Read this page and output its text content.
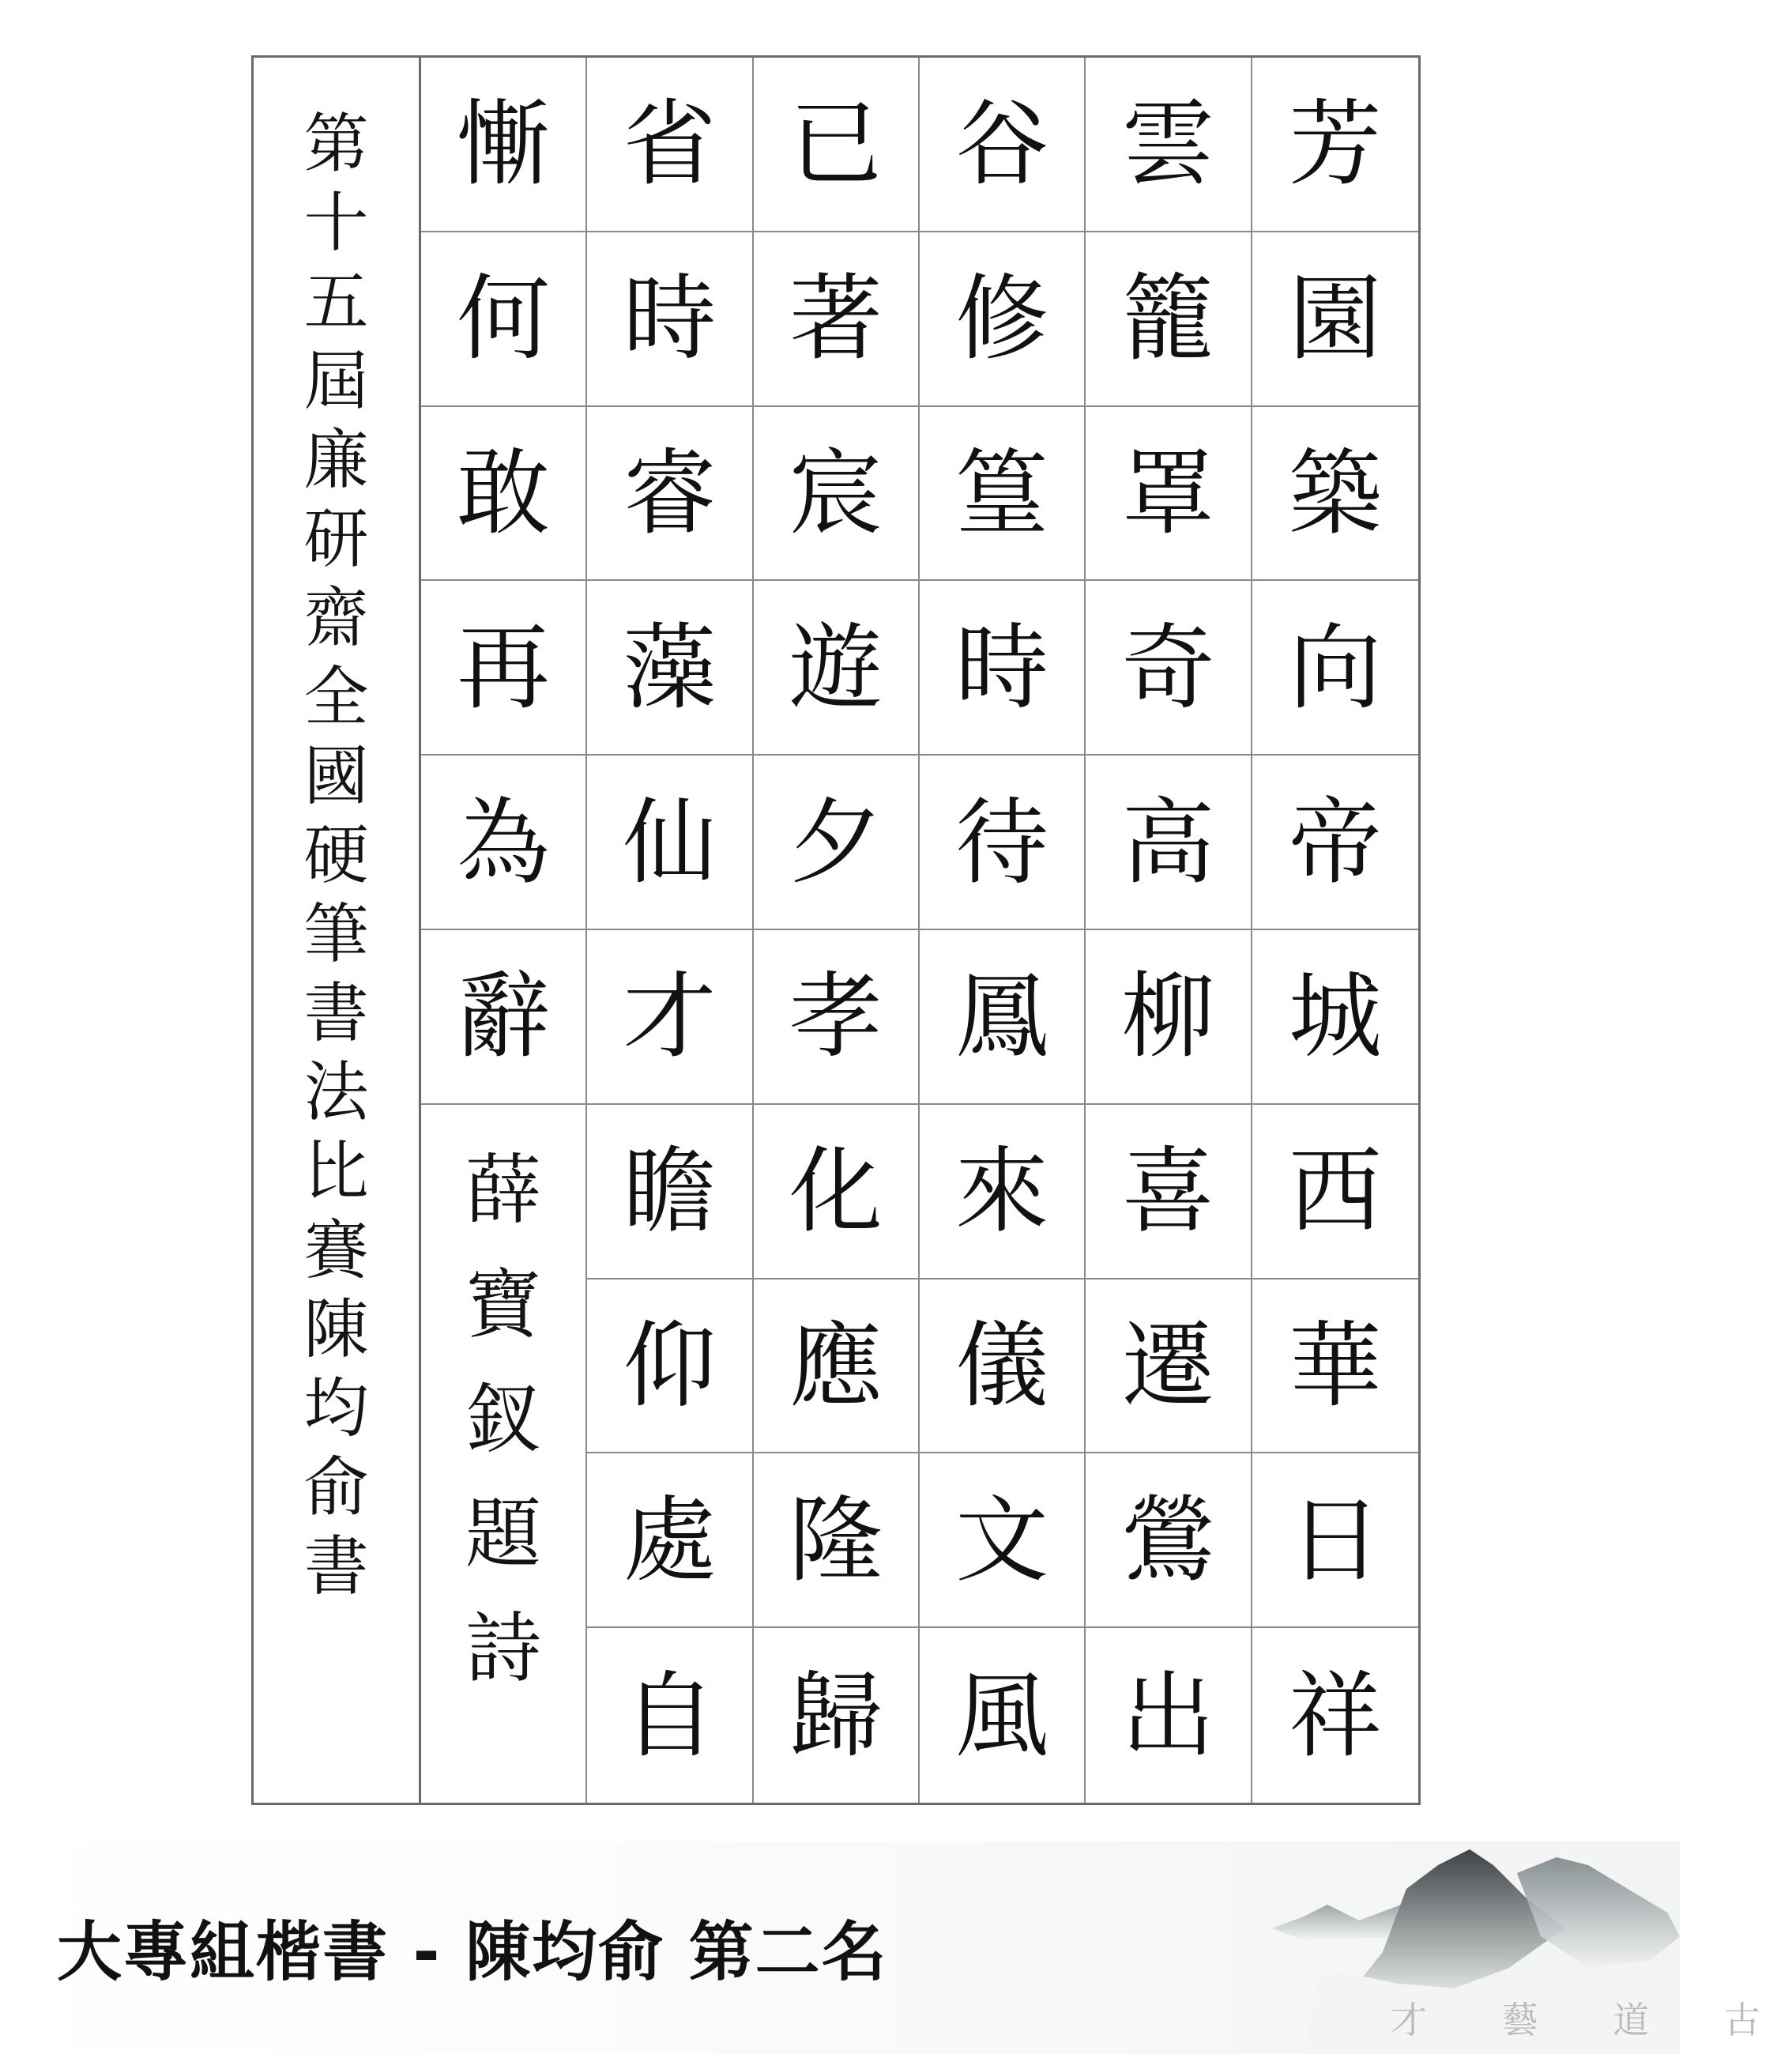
第
十
五
屆
廉
研
齋
全
國
硬
筆
書
法
比
賽
陳
均
俞
書
慚 省 已 谷 雲 芳
何 時 著 修 籠 園
敢 睿 宸 篁 罩 築
再 藻 遊 時 奇 向
為 仙 夕 待 高 帝
辭 才 孝 鳳 柳 城
瞻 化 來 喜 西
仰 應 儀 遷 華
處 隆 文 鶯 日
自 歸 風 出 祥
薛
寶
釵
題
詩
才 藝 道 古
大專組楷書 - 陳均俞 第二名
